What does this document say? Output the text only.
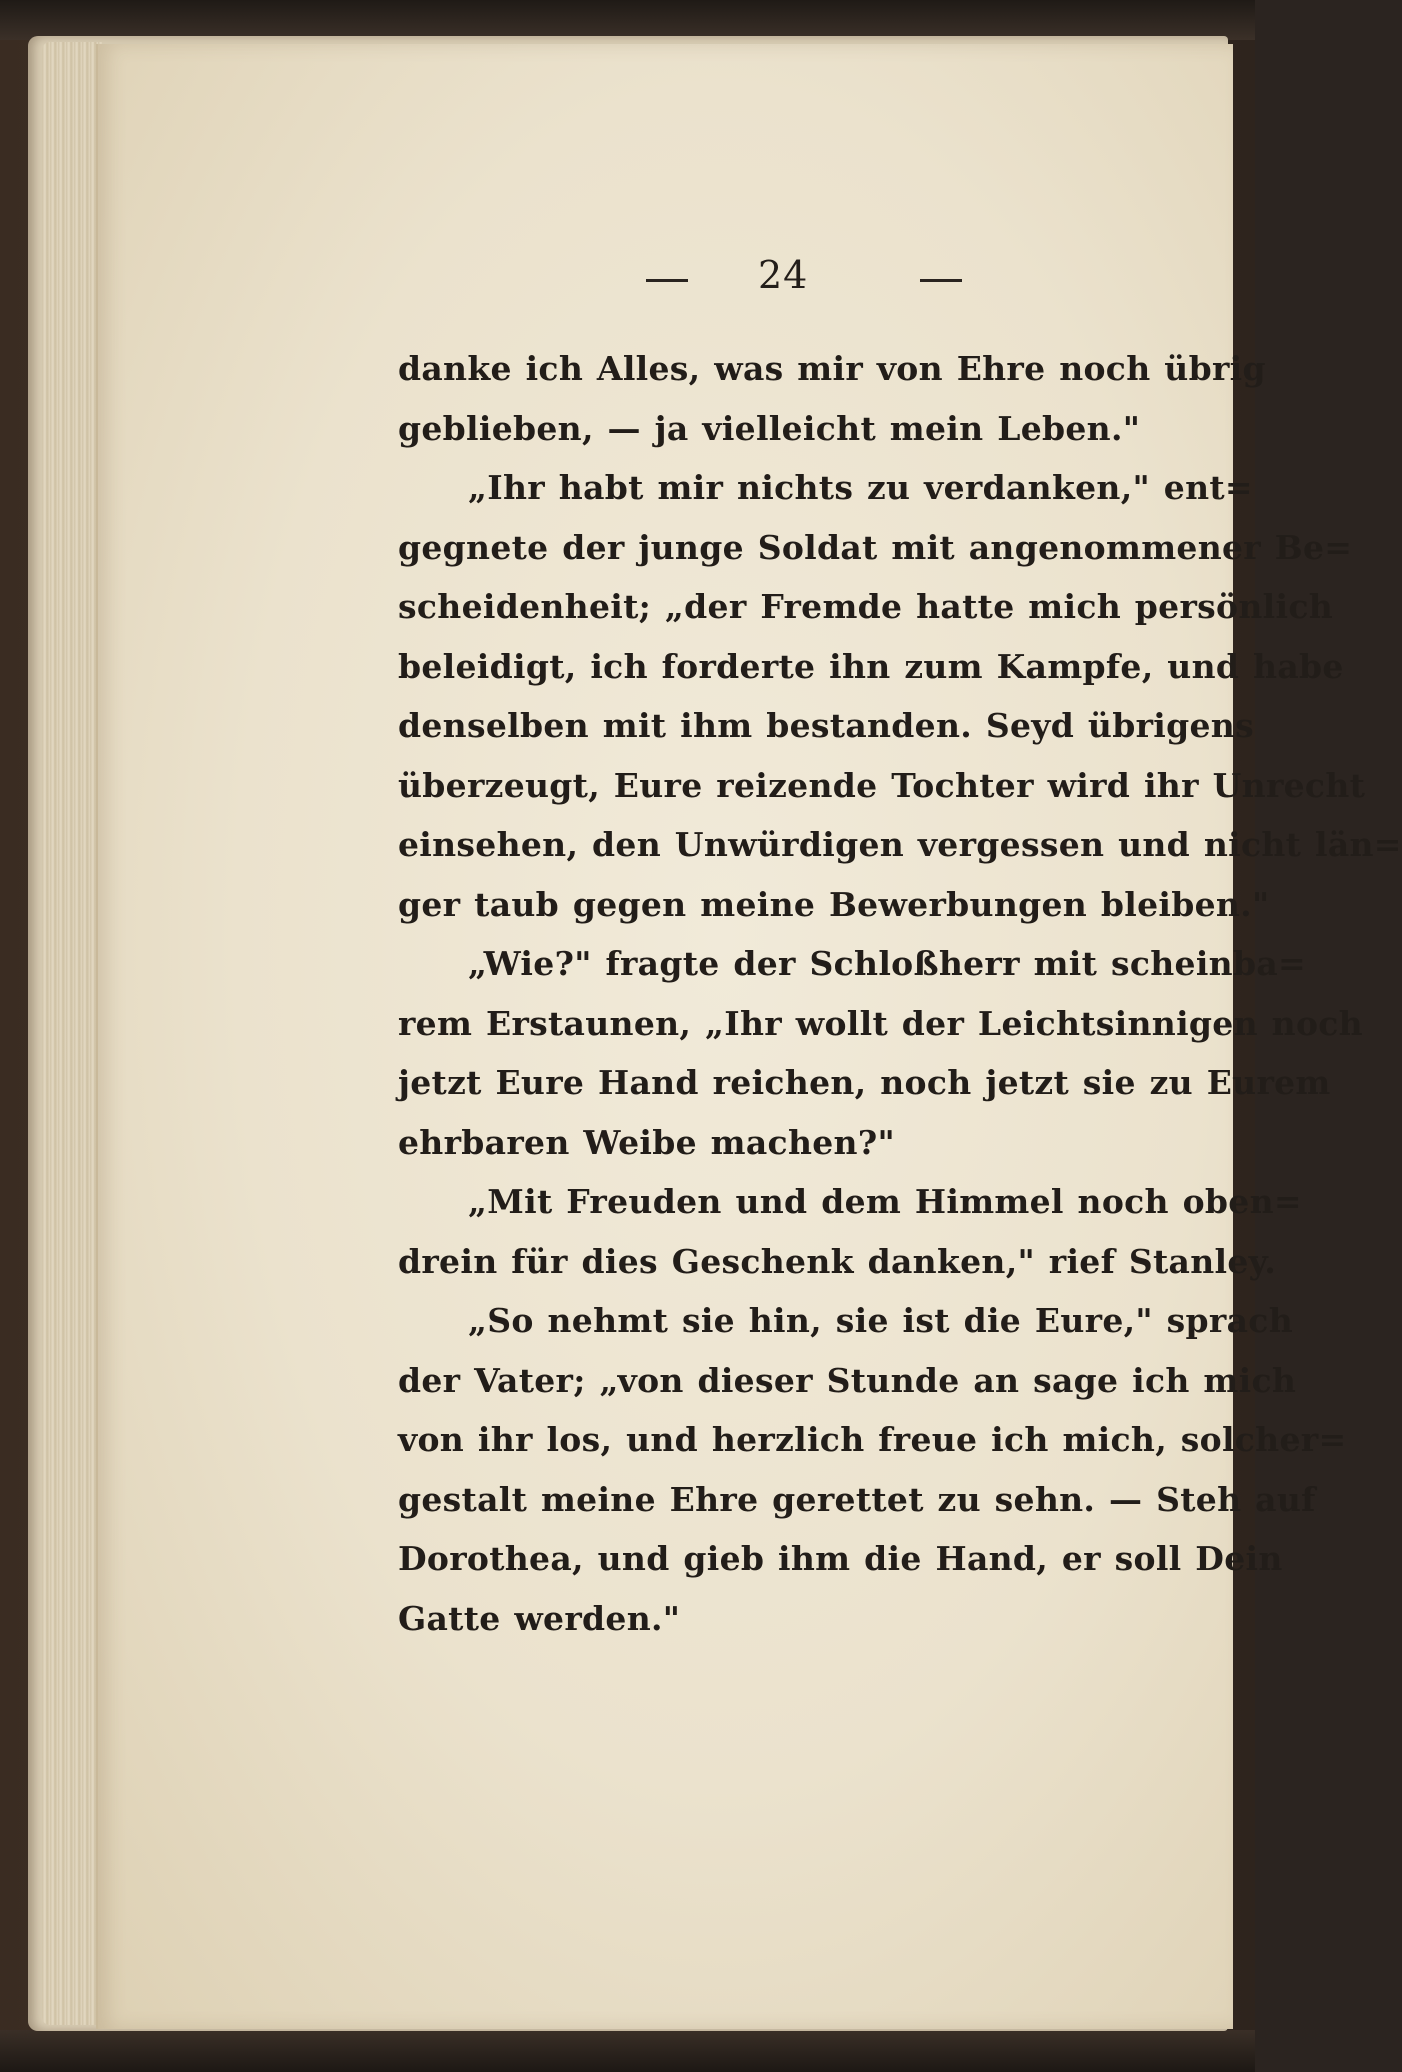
24
danke ich Alles, was mir von Ehre noch übrig
geblieben, — ja vielleicht mein Leben."
„Ihr habt mir nichts zu verdanken," ent=
gegnete der junge Soldat mit angenommener Be=
scheidenheit; „der Fremde hatte mich persönlich
beleidigt, ich forderte ihn zum Kampfe, und habe
denselben mit ihm bestanden. Seyd übrigens
überzeugt, Eure reizende Tochter wird ihr Unrecht
einsehen, den Unwürdigen vergessen und nicht län=
ger taub gegen meine Bewerbungen bleiben."
„Wie?" fragte der Schloßherr mit scheinba=
rem Erstaunen, „Ihr wollt der Leichtsinnigen noch
jetzt Eure Hand reichen, noch jetzt sie zu Eurem
ehrbaren Weibe machen?"
„Mit Freuden und dem Himmel noch oben=
drein für dies Geschenk danken," rief Stanley.
„So nehmt sie hin, sie ist die Eure," sprach
der Vater; „von dieser Stunde an sage ich mich
von ihr los, und herzlich freue ich mich, solcher=
gestalt meine Ehre gerettet zu sehn. — Steh auf
Dorothea, und gieb ihm die Hand, er soll Dein
Gatte werden."
